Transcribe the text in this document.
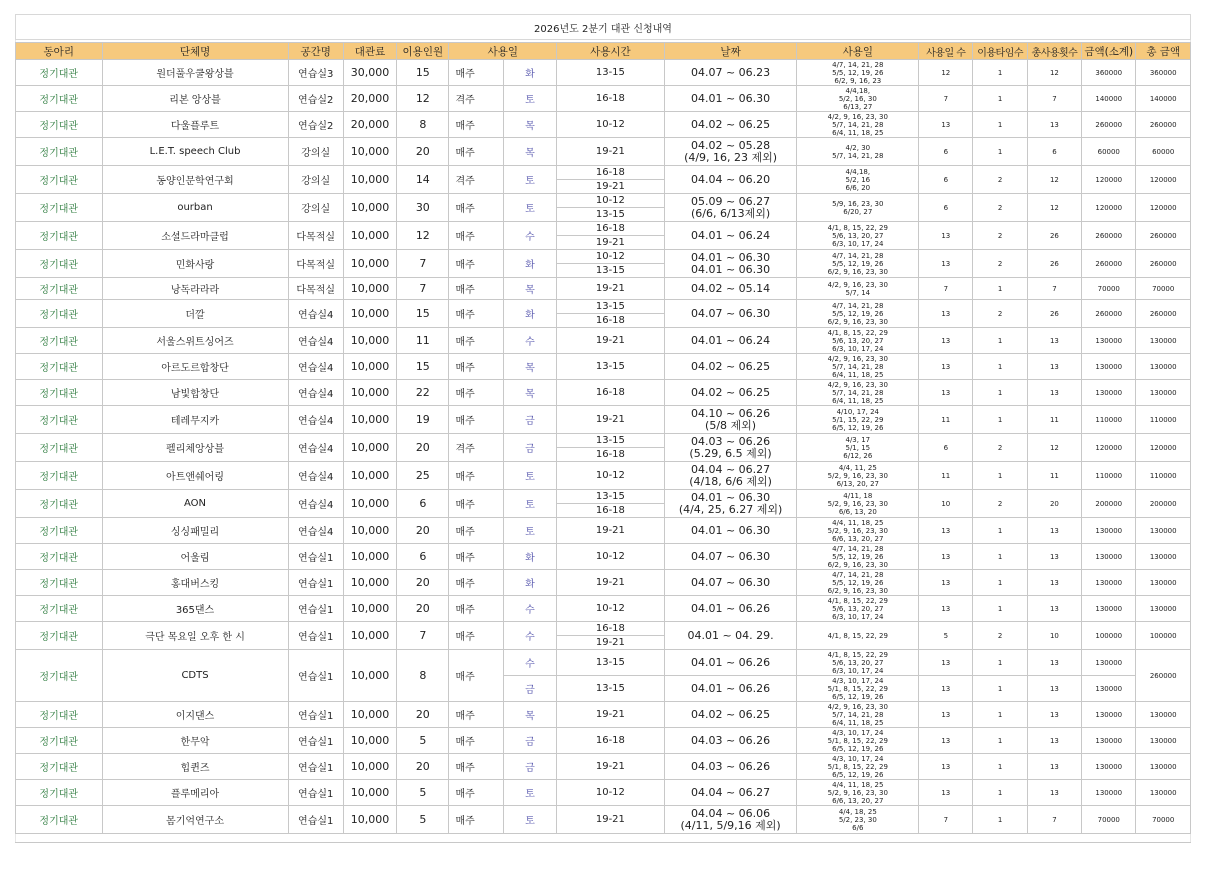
2026년도 2분기 대관 신청내역														

동아리	단체명	공간명	대관료	이용인원	사용일		사용시간	날짜	사용일	사용일 수	이용타임수	총사용횟수	금액(소계)	총 금액
정기대관	원더풀우쿨왕상블	연습실3	30,000	15	매주	화	13-15	04.07 ~ 06.23	4/7, 14, 21, 28
5/5, 12, 19, 26
6/2, 9, 16, 23	12	1	12	360000	360000
정기대관	리본 앙상블	연습실2	20,000	12	격주	토	16-18	04.01 ~ 06.30	4/4,18,
5/2, 16, 30
6/13, 27	7	1	7	140000	140000
정기대관	다울플루트	연습실2	20,000	8	매주	목	10-12	04.02 ~ 06.25	4/2, 9, 16, 23, 30
5/7, 14, 21, 28
6/4, 11, 18, 25	13	1	13	260000	260000
정기대관	L.E.T. speech Club	강의실	10,000	20	매주	목	19-21	04.02 ~ 05.28
(4/9, 16, 23 제외)	4/2, 30
5/7, 14, 21, 28	6	1	6	60000	60000
정기대관	동양인문학연구회	강의실	10,000	14	격주	토	16-18
19-21	04.04 ~ 06.20	4/4,18,
5/2, 16
6/6, 20	6	2	12	120000	120000
정기대관	ourban	강의실	10,000	30	매주	토	10-12
13-15	05.09 ~ 06.27
(6/6, 6/13제외)	5/9, 16, 23, 30
6/20, 27	6	2	12	120000	120000
정기대관	소셜드라마클럽	다목적실	10,000	12	매주	수	16-18
19-21	04.01 ~ 06.24	4/1, 8, 15, 22, 29
5/6, 13, 20, 27
6/3, 10, 17, 24	13	2	26	260000	260000
정기대관	민화사랑	다목적실	10,000	7	매주	화	10-12
13-15	04.01 ~ 06.30
04.01 ~ 06.30	4/7, 14, 21, 28
5/5, 12, 19, 26
6/2, 9, 16, 23, 30	13	2	26	260000	260000
정기대관	낭독라라라	다목적실	10,000	7	매주	목	19-21	04.02 ~ 05.14	4/2, 9, 16, 23, 30
5/7, 14	7	1	7	70000	70000
정기대관	더깔	연습실4	10,000	15	매주	화	13-15
16-18	04.07 ~ 06.30	4/7, 14, 21, 28
5/5, 12, 19, 26
6/2, 9, 16, 23, 30	13	2	26	260000	260000
정기대관	서울스위트싱어즈	연습실4	10,000	11	매주	수	19-21	04.01 ~ 06.24	4/1, 8, 15, 22, 29
5/6, 13, 20, 27
6/3, 10, 17, 24	13	1	13	130000	130000
정기대관	아르도르합창단	연습실4	10,000	15	매주	목	13-15	04.02 ~ 06.25	4/2, 9, 16, 23, 30
5/7, 14, 21, 28
6/4, 11, 18, 25	13	1	13	130000	130000
정기대관	남빛합창단	연습실4	10,000	22	매주	목	16-18	04.02 ~ 06.25	4/2, 9, 16, 23, 30
5/7, 14, 21, 28
6/4, 11, 18, 25	13	1	13	130000	130000
정기대관	테레무지카	연습실4	10,000	19	매주	금	19-21	04.10 ~ 06.26
(5/8 제외)	4/10, 17, 24
5/1, 15, 22, 29
6/5, 12, 19, 26	11	1	11	110000	110000
정기대관	펠리체앙상블	연습실4	10,000	20	격주	금	13-15
16-18	04.03 ~ 06.26
(5.29, 6.5 제외)	4/3, 17
5/1, 15
6/12, 26	6	2	12	120000	120000
정기대관	아트앤쉐어링	연습실4	10,000	25	매주	토	10-12	04.04 ~ 06.27
(4/18, 6/6 제외)	4/4, 11, 25
5/2, 9, 16, 23, 30
6/13, 20, 27	11	1	11	110000	110000
정기대관	AON	연습실4	10,000	6	매주	토	13-15
16-18	04.01 ~ 06.30
(4/4, 25, 6.27 제외)	4/11, 18
5/2, 9, 16, 23, 30
6/6, 13, 20	10	2	20	200000	200000
정기대관	싱싱패밀리	연습실4	10,000	20	매주	토	19-21	04.01 ~ 06.30	4/4, 11, 18, 25
5/2, 9, 16, 23, 30
6/6, 13, 20, 27	13	1	13	130000	130000
정기대관	어울림	연습실1	10,000	6	매주	화	10-12	04.07 ~ 06.30	4/7, 14, 21, 28
5/5, 12, 19, 26
6/2, 9, 16, 23, 30	13	1	13	130000	130000
정기대관	홍대버스킹	연습실1	10,000	20	매주	화	19-21	04.07 ~ 06.30	4/7, 14, 21, 28
5/5, 12, 19, 26
6/2, 9, 16, 23, 30	13	1	13	130000	130000
정기대관	365댄스	연습실1	10,000	20	매주	수	10-12	04.01 ~ 06.26	4/1, 8, 15, 22, 29
5/6, 13, 20, 27
6/3, 10, 17, 24	13	1	13	130000	130000
정기대관	극단 목요일 오후 한 시	연습실1	10,000	7	매주	수	16-18
19-21	04.01 ~ 04. 29.	4/1, 8, 15, 22, 29	5	2	10	100000	100000
정기대관	CDTS	연습실1	10,000	8	매주	수	13-15	04.01 ~ 06.26	4/1, 8, 15, 22, 29
5/6, 13, 20, 27
6/3, 10, 17, 24	13	1	13	130000	260000
						금	13-15	04.01 ~ 06.26	4/3, 10, 17, 24
5/1, 8, 15, 22, 29
6/5, 12, 19, 26	13	1	13	130000	
정기대관	이지댄스	연습실1	10,000	20	매주	목	19-21	04.02 ~ 06.25	4/2, 9, 16, 23, 30
5/7, 14, 21, 28
6/4, 11, 18, 25	13	1	13	130000	130000
정기대관	한무악	연습실1	10,000	5	매주	금	16-18	04.03 ~ 06.26	4/3, 10, 17, 24
5/1, 8, 15, 22, 29
6/5, 12, 19, 26	13	1	13	130000	130000
정기대관	힙퀸즈	연습실1	10,000	20	매주	금	19-21	04.03 ~ 06.26	4/3, 10, 17, 24
5/1, 8, 15, 22, 29
6/5, 12, 19, 26	13	1	13	130000	130000
정기대관	플루메리아	연습실1	10,000	5	매주	토	10-12	04.04 ~ 06.27	4/4, 11, 18, 25
5/2, 9, 16, 23, 30
6/6, 13, 20, 27	13	1	13	130000	130000
정기대관	몸기억연구소	연습실1	10,000	5	매주	토	19-21	04.04 ~ 06.06
(4/11, 5/9,16 제외)	4/4, 18, 25
5/2, 23, 30
6/6	7	1	7	70000	70000
